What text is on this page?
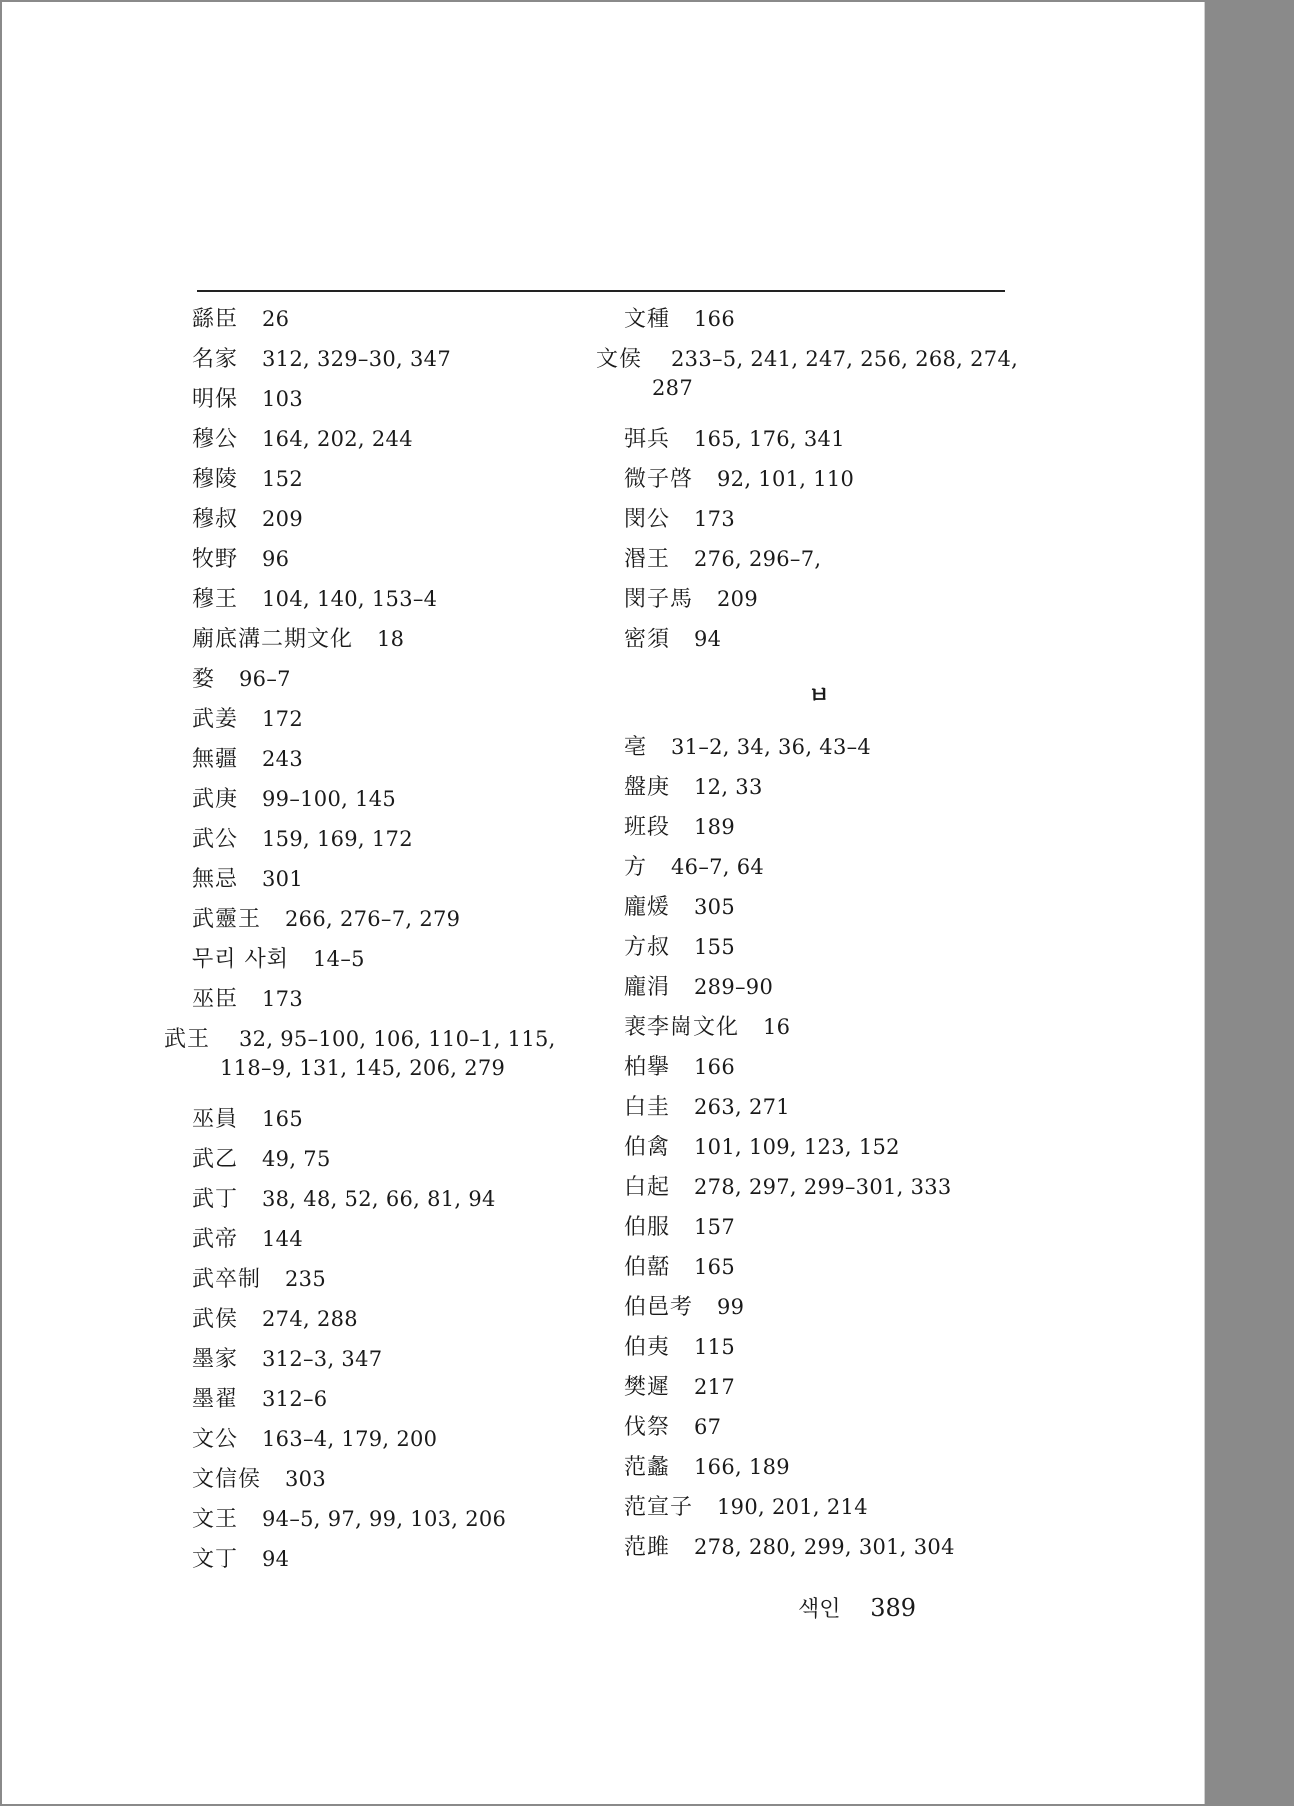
繇臣 26
名家 312, 329–30, 347
明保 103
穆公 164, 202, 244
穆陵 152
穆叔 209
牧野 96
穆王 104, 140, 153–4
廟底溝二期文化 18
婺 96–7
武姜 172
無疆 243
武庚 99–100, 145
武公 159, 169, 172
無忌 301
武靈王 266, 276–7, 279
무리 사회 14–5
巫臣 173
武王 32, 95–100, 106, 110–1, 115, 118–9, 131, 145, 206, 279
巫員 165
武乙 49, 75
武丁 38, 48, 52, 66, 81, 94
武帝 144
武卒制 235
武侯 274, 288
墨家 312–3, 347
墨翟 312–6
文公 163–4, 179, 200
文信侯 303
文王 94–5, 97, 99, 103, 206
文丁 94
文種 166
文侯 233–5, 241, 247, 256, 268, 274, 287
弭兵 165, 176, 341
微子啓 92, 101, 110
閔公 173
湣王 276, 296–7,
閔子馬 209
密須 94
ㅂ
亳 31–2, 34, 36, 43–4
盤庚 12, 33
班段 189
方 46–7, 64
龐煖 305
方叔 155
龐涓 289–90
裵李崗文化 16
柏擧 166
白圭 263, 271
伯禽 101, 109, 123, 152
白起 278, 297, 299–301, 333
伯服 157
伯嚭 165
伯邑考 99
伯夷 115
樊遲 217
伐祭 67
范蠡 166, 189
范宣子 190, 201, 214
范雎 278, 280, 299, 301, 304
색인 389
